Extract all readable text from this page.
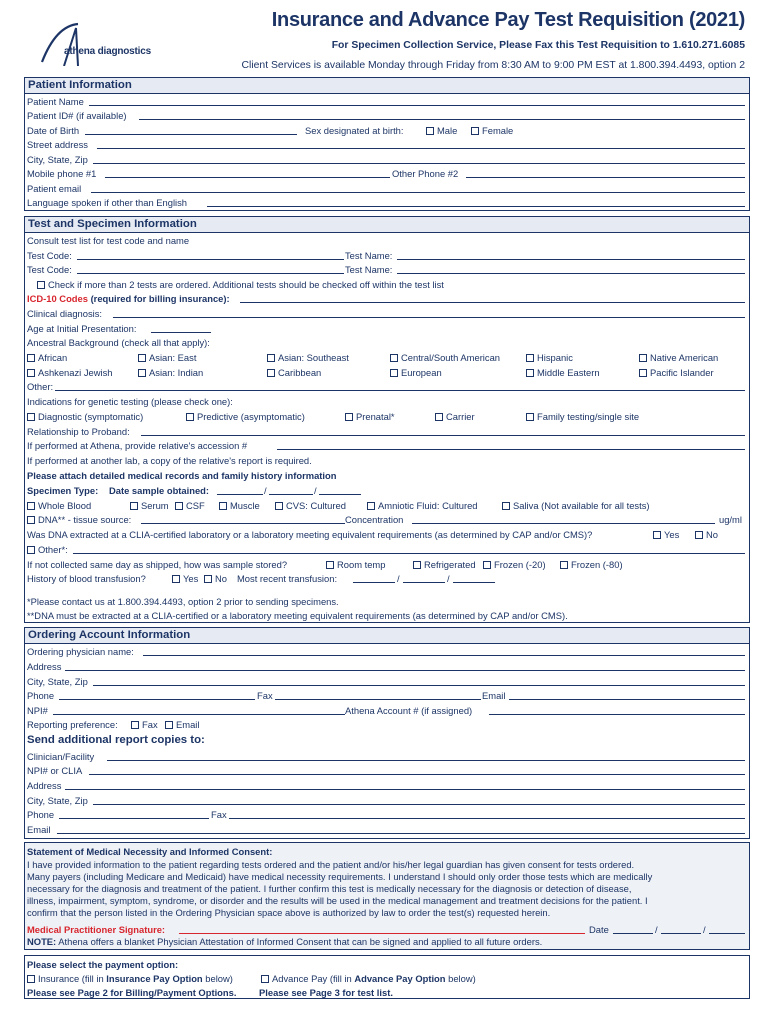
athena diagnostics
Insurance and Advance Pay Test Requisition (2021)
For Specimen Collection Service, Please Fax this Test Requisition to 1.610.271.6085
Client Services is available Monday through Friday from 8:30 AM to 9:00 PM EST at 1.800.394.4493, option 2
Patient Information
Patient Name
Patient ID# (if available)
Date of Birth	Sex designated at birth:	Male	Female
Street address
City, State, Zip
Mobile phone #1	Other Phone #2
Patient email
Language spoken if other than English
Test and Specimen Information
Consult test list for test code and name
Test Code:	Test Name:
Test Code:	Test Name:
Check if more than 2 tests are ordered. Additional tests should be checked off within the test list
ICD-10 Codes (required for billing insurance):
Clinical diagnosis:
Age at Initial Presentation:
Ancestral Background (check all that apply):
African	Asian: East	Asian: Southeast	Central/South American	Hispanic	Native American
Ashkenazi Jewish	Asian: Indian	Caribbean	European	Middle Eastern	Pacific Islander
Other:
Indications for genetic testing (please check one):
Diagnostic (symptomatic)	Predictive (asymptomatic)	Prenatal*	Carrier	Family testing/single site
Relationship to Proband:
If performed at Athena, provide relative's accession #
If performed at another lab, a copy of the relative's report is required.
Please attach detailed medical records and family history information
Specimen Type: Date sample obtained:	/	/
Whole Blood	Serum	CSF	Muscle	CVS: Cultured	Amniotic Fluid: Cultured	Saliva (Not available for all tests)
DNA** - tissue source:	Concentration	ug/ml
Was DNA extracted at a CLIA-certified laboratory or a laboratory meeting equivalent requirements (as determined by CAP and/or CMS)?	Yes	No
Other*:
If not collected same day as shipped, how was sample stored?	Room temp	Refrigerated	Frozen (-20)	Frozen (-80)
History of blood transfusion?	Yes	No Most recent transfusion:	/	/
*Please contact us at 1.800.394.4493, option 2 prior to sending specimens.
**DNA must be extracted at a CLIA-certified or a laboratory meeting equivalent requirements (as determined by CAP and/or CMS).
Ordering Account Information
Ordering physician name:
Address
City, State, Zip
Phone	Fax	Email
NPI#	Athena Account # (if assigned)
Reporting preference:	Fax	Email
Send additional report copies to:
Clinician/Facility
NPI# or CLIA
Address
City, State, Zip
Phone	Fax
Email
Statement of Medical Necessity and Informed Consent:
I have provided information to the patient regarding tests ordered and the patient and/or his/her legal guardian has given consent for tests ordered.
Many payers (including Medicare and Medicaid) have medical necessity requirements. I understand I should only order those tests which are medically
necessary for the diagnosis and treatment of the patient. I further confirm this test is medically necessary for the diagnosis or detection of disease,
illness, impairment, symptom, syndrome, or disorder and the results will be used in the medical management and treatment decisions for the patient. I
confirm that the person listed in the Ordering Physician space above is authorized by law to order the test(s) requested herein.
Medical Practitioner Signature:	Date	/	/
NOTE: Athena offers a blanket Physician Attestation of Informed Consent that can be signed and applied to all future orders.
Please select the payment option:
Insurance (fill in Insurance Pay Option below)	Advance Pay (fill in Advance Pay Option below)
Please see Page 2 for Billing/Payment Options. Please see Page 3 for test list.
